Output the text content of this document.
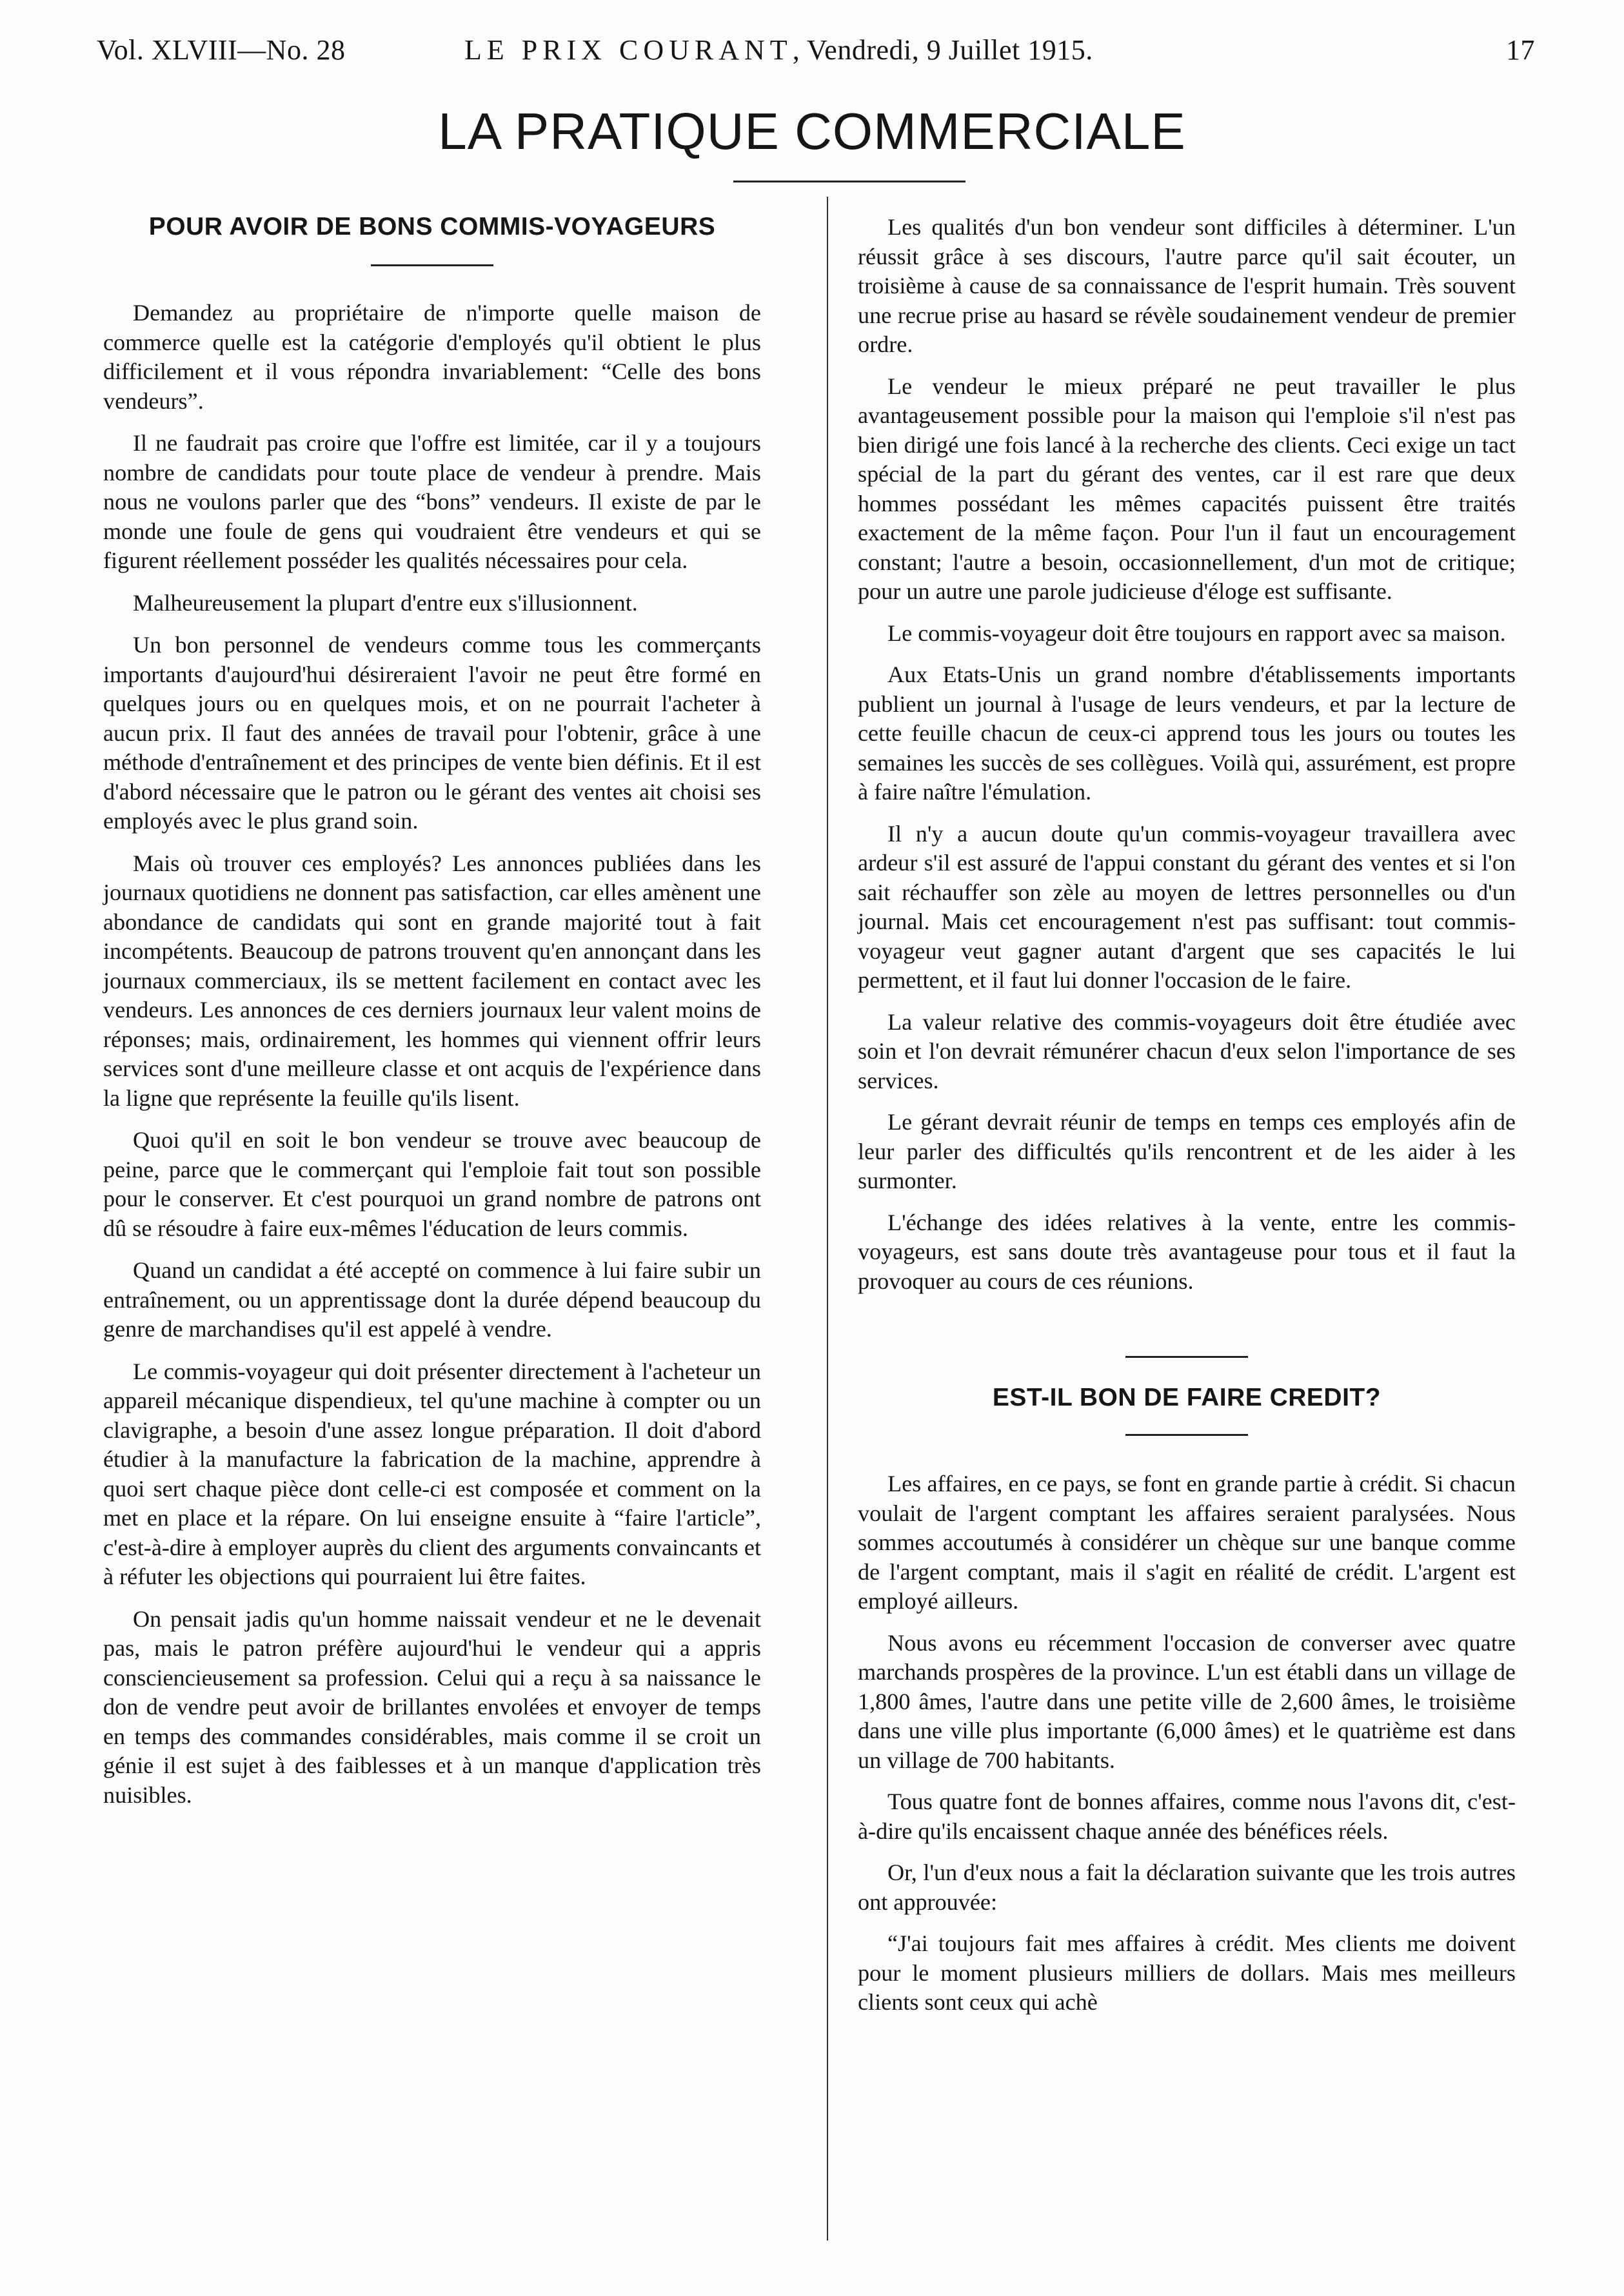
Vol. XLVIII—No. 28	LE PRIX COURANT, Vendredi, 9 Juillet 1915.	17
LA PRATIQUE COMMERCIALE
POUR AVOIR DE BONS COMMIS-VOYAGEURS

Demandez au propriétaire de n'importe quelle maison de commerce quelle est la catégorie d'employés qu'il obtient le plus difficilement et il vous répondra invariablement: “Celle des bons vendeurs”.

Il ne faudrait pas croire que l'offre est limitée, car il y a toujours nombre de candidats pour toute place de vendeur à prendre. Mais nous ne voulons parler que des “bons” vendeurs. Il existe de par le monde une foule de gens qui voudraient être vendeurs et qui se figurent réellement posséder les qualités nécessaires pour cela.

Malheureusement la plupart d'entre eux s'illusionnent.

Un bon personnel de vendeurs comme tous les commerçants importants d'aujourd'hui désireraient l'avoir ne peut être formé en quelques jours ou en quelques mois, et on ne pourrait l'acheter à aucun prix. Il faut des années de travail pour l'obtenir, grâce à une méthode d'entraînement et des principes de vente bien définis. Et il est d'abord nécessaire que le patron ou le gérant des ventes ait choisi ses employés avec le plus grand soin.

Mais où trouver ces employés? Les annonces publiées dans les journaux quotidiens ne donnent pas satisfaction, car elles amènent une abondance de candidats qui sont en grande majorité tout à fait incompétents. Beaucoup de patrons trouvent qu'en annonçant dans les journaux commerciaux, ils se mettent facilement en contact avec les vendeurs. Les annonces de ces derniers journaux leur valent moins de réponses; mais, ordinairement, les hommes qui viennent offrir leurs services sont d'une meilleure classe et ont acquis de l'expérience dans la ligne que représente la feuille qu'ils lisent.

Quoi qu'il en soit le bon vendeur se trouve avec beaucoup de peine, parce que le commerçant qui l'emploie fait tout son possible pour le conserver. Et c'est pourquoi un grand nombre de patrons ont dû se résoudre à faire eux-mêmes l'éducation de leurs commis.

Quand un candidat a été accepté on commence à lui faire subir un entraînement, ou un apprentissage dont la durée dépend beaucoup du genre de marchandises qu'il est appelé à vendre.

Le commis-voyageur qui doit présenter directement à l'acheteur un appareil mécanique dispendieux, tel qu'une machine à compter ou un clavigraphe, a besoin d'une assez longue préparation. Il doit d'abord étudier à la manufacture la fabrication de la machine, apprendre à quoi sert chaque pièce dont celle-ci est composée et comment on la met en place et la répare. On lui enseigne ensuite à “faire l'article”, c'est-à-dire à employer auprès du client des arguments convaincants et à réfuter les objections qui pourraient lui être faites.

On pensait jadis qu'un homme naissait vendeur et ne le devenait pas, mais le patron préfère aujourd'hui le vendeur qui a appris consciencieusement sa profession. Celui qui a reçu à sa naissance le don de vendre peut avoir de brillantes envolées et envoyer de temps en temps des commandes considérables, mais comme il se croit un génie il est sujet à des faiblesses et à un manque d'application très nuisibles.

Les qualités d'un bon vendeur sont difficiles à déterminer. L'un réussit grâce à ses discours, l'autre parce qu'il sait écouter, un troisième à cause de sa connaissance de l'esprit humain. Très souvent une recrue prise au hasard se révèle soudainement vendeur de premier ordre.

Le vendeur le mieux préparé ne peut travailler le plus avantageusement possible pour la maison qui l'emploie s'il n'est pas bien dirigé une fois lancé à la recherche des clients. Ceci exige un tact spécial de la part du gérant des ventes, car il est rare que deux hommes possédant les mêmes capacités puissent être traités exactement de la même façon. Pour l'un il faut un encouragement constant; l'autre a besoin, occasionnellement, d'un mot de critique; pour un autre une parole judicieuse d'éloge est suffisante.

Le commis-voyageur doit être toujours en rapport avec sa maison.

Aux Etats-Unis un grand nombre d'établissements importants publient un journal à l'usage de leurs vendeurs, et par la lecture de cette feuille chacun de ceux-ci apprend tous les jours ou toutes les semaines les succès de ses collègues. Voilà qui, assurément, est propre à faire naître l'émulation.

Il n'y a aucun doute qu'un commis-voyageur travaillera avec ardeur s'il est assuré de l'appui constant du gérant des ventes et si l'on sait réchauffer son zèle au moyen de lettres personnelles ou d'un journal. Mais cet encouragement n'est pas suffisant: tout commis-voyageur veut gagner autant d'argent que ses capacités le lui permettent, et il faut lui donner l'occasion de le faire.

La valeur relative des commis-voyageurs doit être étudiée avec soin et l'on devrait rémunérer chacun d'eux selon l'importance de ses services.

Le gérant devrait réunir de temps en temps ces employés afin de leur parler des difficultés qu'ils rencontrent et de les aider à les surmonter.

L'échange des idées relatives à la vente, entre les commis-voyageurs, est sans doute très avantageuse pour tous et il faut la provoquer au cours de ces réunions.

EST-IL BON DE FAIRE CREDIT?

Les affaires, en ce pays, se font en grande partie à crédit. Si chacun voulait de l'argent comptant les affaires seraient paralysées. Nous sommes accoutumés à considérer un chèque sur une banque comme de l'argent comptant, mais il s'agit en réalité de crédit. L'argent est employé ailleurs.

Nous avons eu récemment l'occasion de converser avec quatre marchands prospères de la province. L'un est établi dans un village de 1,800 âmes, l'autre dans une petite ville de 2,600 âmes, le troisième dans une ville plus importante (6,000 âmes) et le quatrième est dans un village de 700 habitants.

Tous quatre font de bonnes affaires, comme nous l'avons dit, c'est-à-dire qu'ils encaissent chaque année des bénéfices réels.

Or, l'un d'eux nous a fait la déclaration suivante que les trois autres ont approuvée:

“J'ai toujours fait mes affaires à crédit. Mes clients me doivent pour le moment plusieurs milliers de dollars. Mais mes meilleurs clients sont ceux qui achè
